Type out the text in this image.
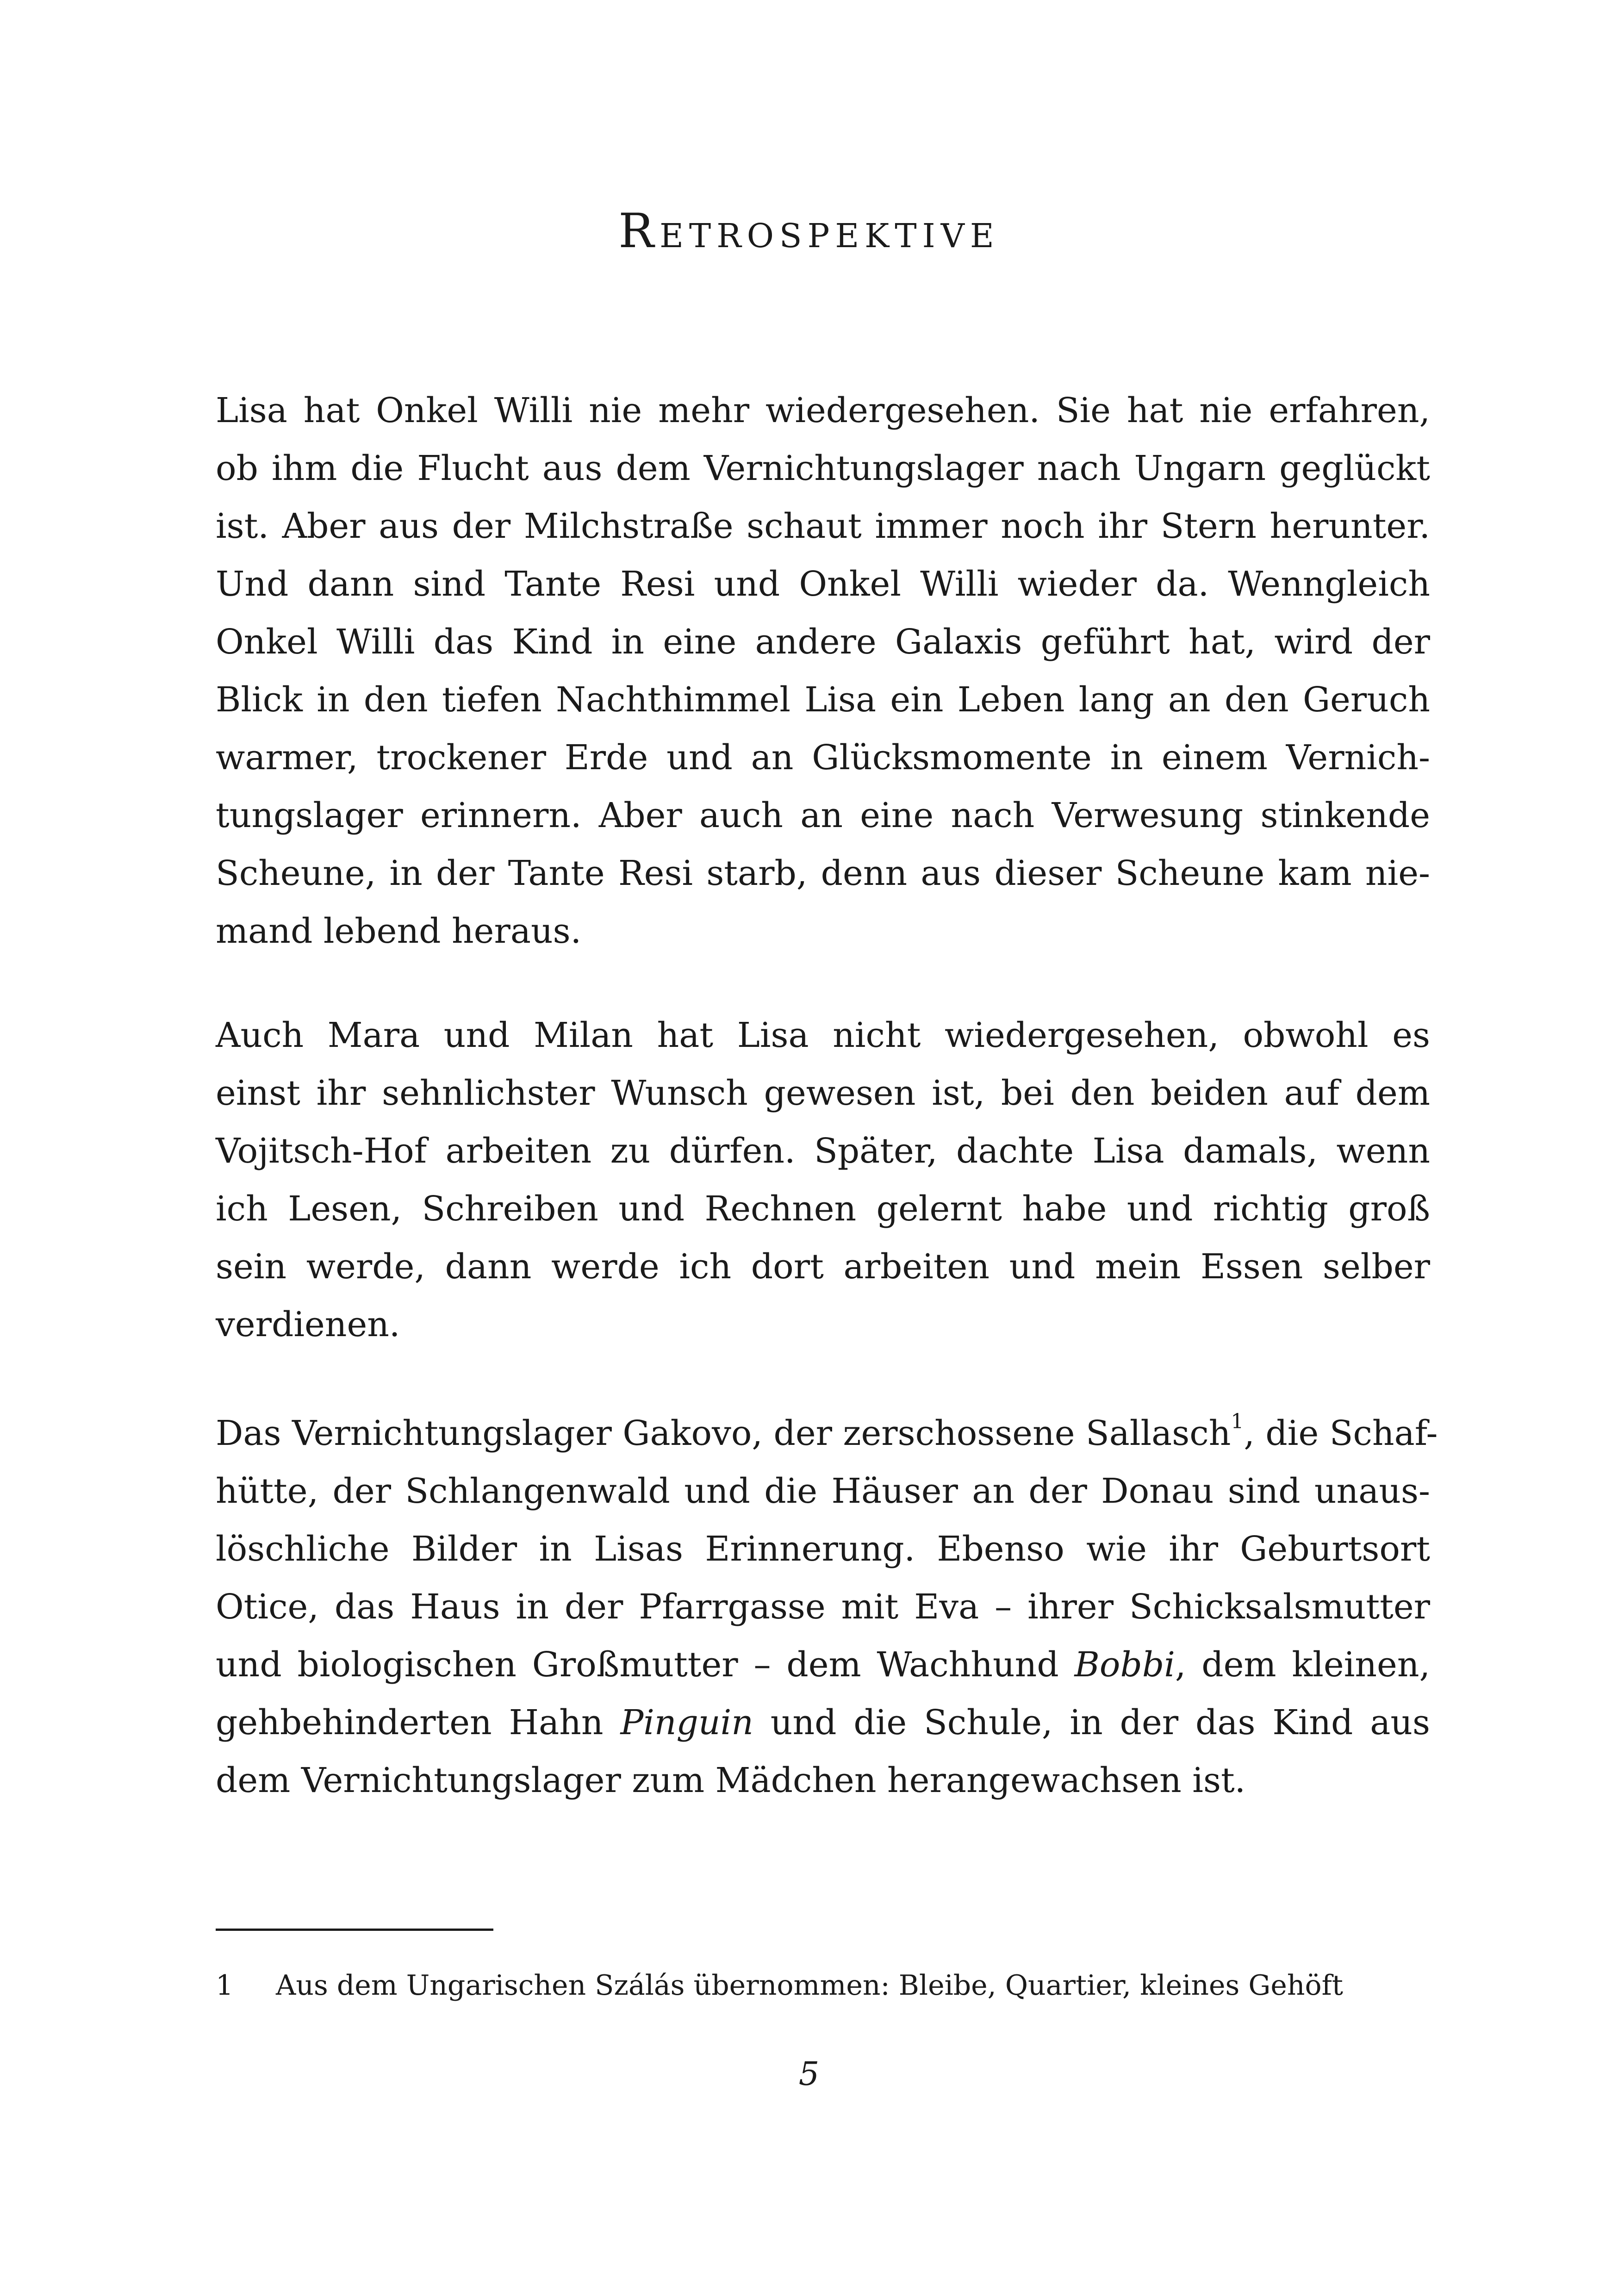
Retrospektive

Lisa hat Onkel Willi nie mehr wiedergesehen. Sie hat nie erfahren,
ob ihm die Flucht aus dem Vernichtungslager nach Ungarn geglückt
ist. Aber aus der Milchstraße schaut immer noch ihr Stern herunter.
Und dann sind Tante Resi und Onkel Willi wieder da. Wenngleich
Onkel Willi das Kind in eine andere Galaxis geführt hat, wird der
Blick in den tiefen Nachthimmel Lisa ein Leben lang an den Geruch
warmer, trockener Erde und an Glücksmomente in einem Vernich-
tungslager erinnern. Aber auch an eine nach Verwesung stinkende
Scheune, in der Tante Resi starb, denn aus dieser Scheune kam nie-
mand lebend heraus.

Auch Mara und Milan hat Lisa nicht wiedergesehen, obwohl es
einst ihr sehnlichster Wunsch gewesen ist, bei den beiden auf dem
Vojitsch-Hof arbeiten zu dürfen. Später, dachte Lisa damals, wenn
ich Lesen, Schreiben und Rechnen gelernt habe und richtig groß
sein werde, dann werde ich dort arbeiten und mein Essen selber
verdienen.

Das Vernichtungslager Gakovo, der zerschossene Sallasch$^1$, die Schaf-
hütte, der Schlangenwald und die Häuser an der Donau sind unaus-
löschliche Bilder in Lisas Erinnerung. Ebenso wie ihr Geburtsort
Otice, das Haus in der Pfarrgasse mit Eva – ihrer Schicksalsmutter
und biologischen Großmutter – dem Wachhund Bobbi, dem kleinen,
gehbehinderten Hahn Pinguin und die Schule, in der das Kind aus
dem Vernichtungslager zum Mädchen herangewachsen ist.

1 Aus dem Ungarischen Szálás übernommen: Bleibe, Quartier, kleines Gehöft
5
